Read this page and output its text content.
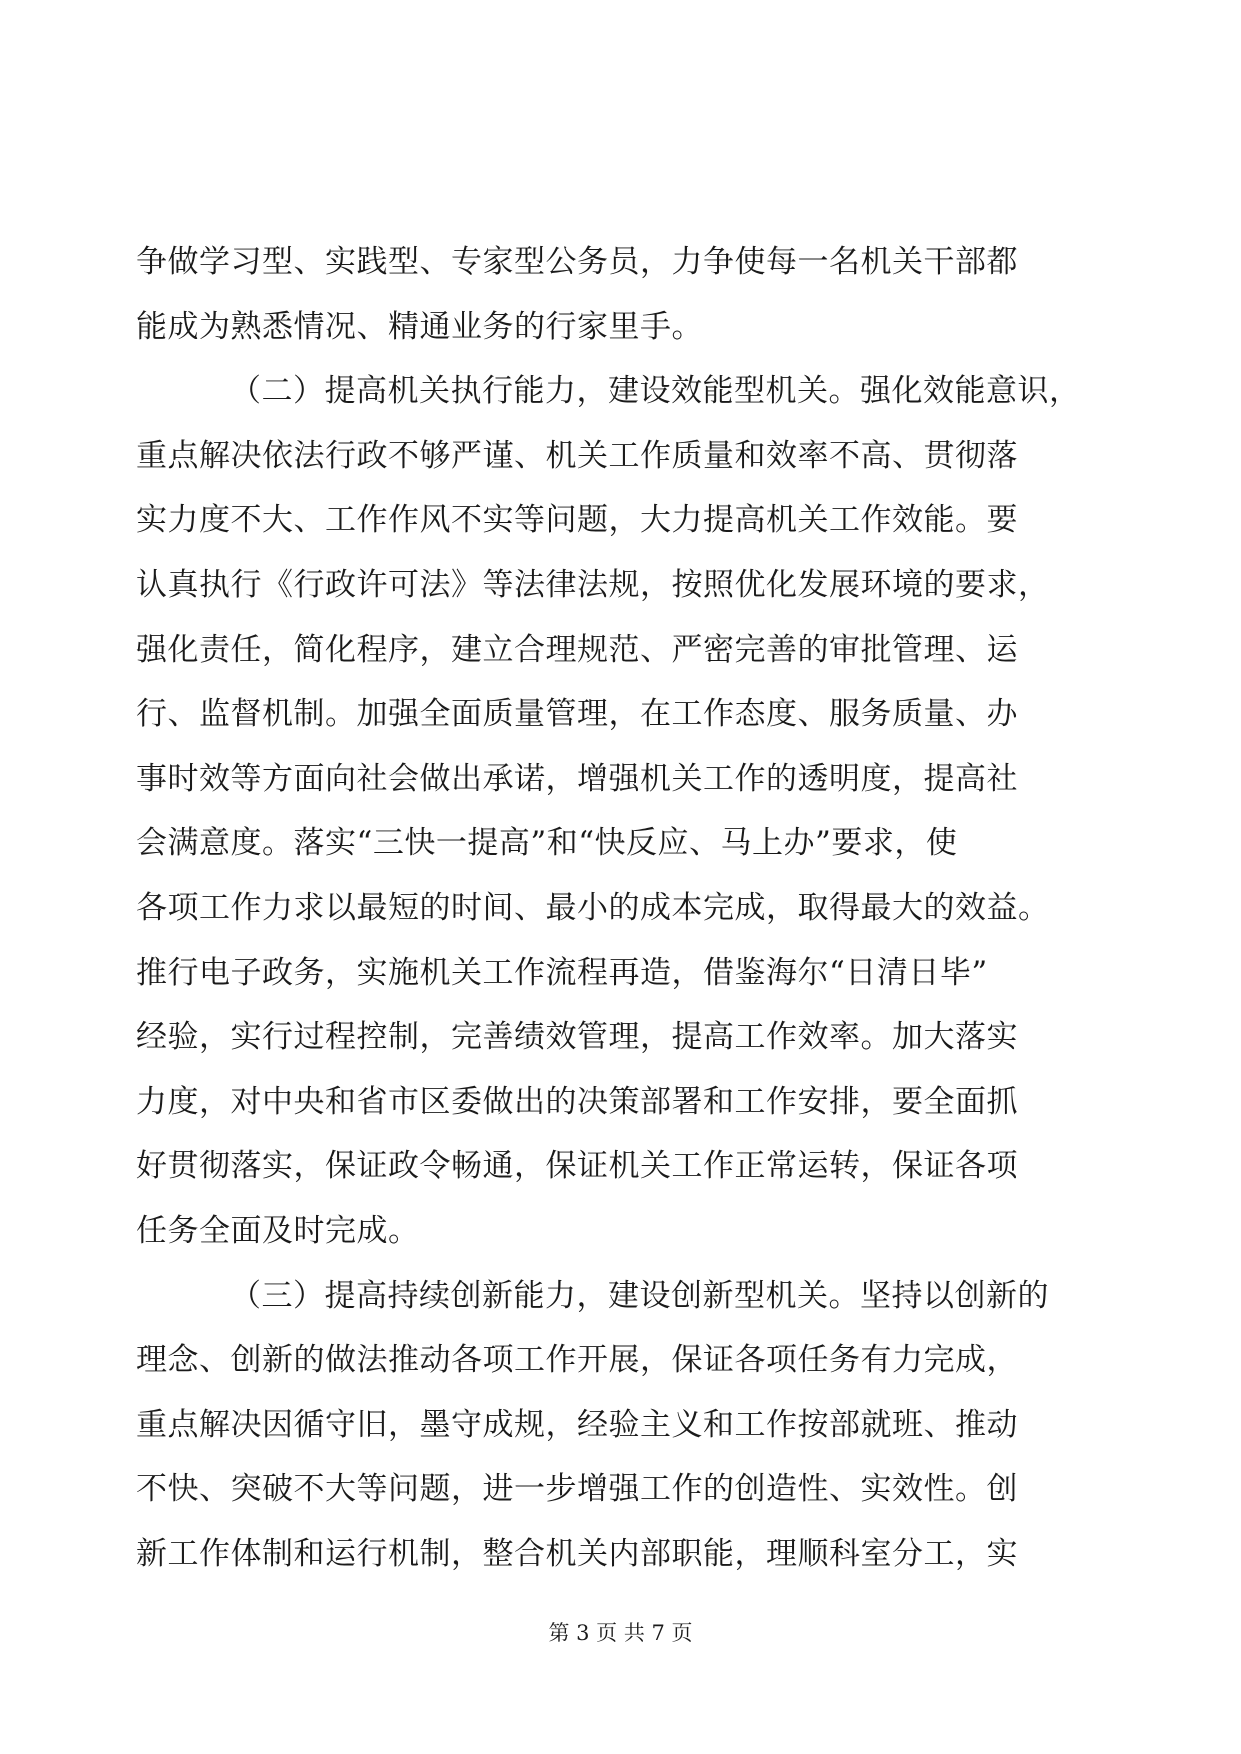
争做学习型、实践型、专家型公务员，力争使每一名机关干部都
能成为熟悉情况、精通业务的行家里手。
（二）提高机关执行能力，建设效能型机关。强化效能意识，
重点解决依法行政不够严谨、机关工作质量和效率不高、贯彻落
实力度不大、工作作风不实等问题，大力提高机关工作效能。要
认真执行《行政许可法》等法律法规，按照优化发展环境的要求，
强化责任，简化程序，建立合理规范、严密完善的审批管理、运
行、监督机制。加强全面质量管理，在工作态度、服务质量、办
事时效等方面向社会做出承诺，增强机关工作的透明度，提高社
会满意度。落实“三快一提高”和“快反应、马上办”要求，使
各项工作力求以最短的时间、最小的成本完成，取得最大的效益。
推行电子政务，实施机关工作流程再造，借鉴海尔“日清日毕”
经验，实行过程控制，完善绩效管理，提高工作效率。加大落实
力度，对中央和省市区委做出的决策部署和工作安排，要全面抓
好贯彻落实，保证政令畅通，保证机关工作正常运转，保证各项
任务全面及时完成。
（三）提高持续创新能力，建设创新型机关。坚持以创新的
理念、创新的做法推动各项工作开展，保证各项任务有力完成，
重点解决因循守旧，墨守成规，经验主义和工作按部就班、推动
不快、突破不大等问题，进一步增强工作的创造性、实效性。创
新工作体制和运行机制，整合机关内部职能，理顺科室分工，实
第 3 页 共 7 页
